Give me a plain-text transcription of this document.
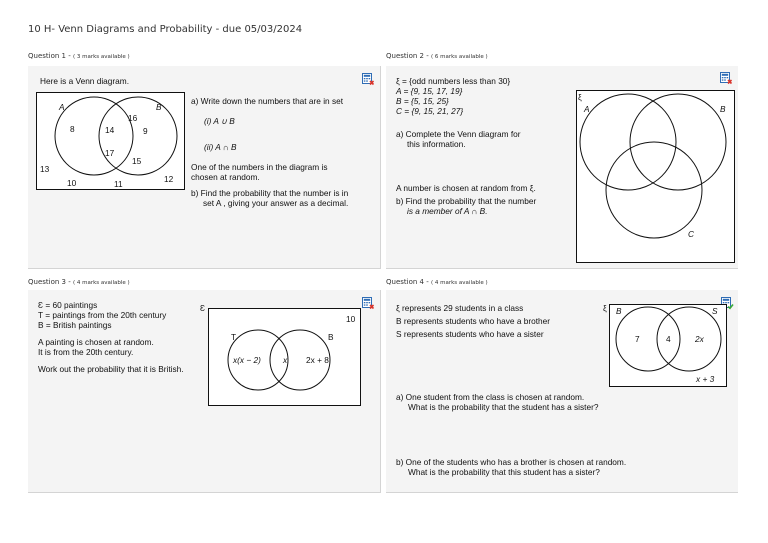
10 H- Venn Diagrams and Probability - due 05/03/2024
Question 1 - ( 3 marks available )
Here is a Venn diagram.
A	B
8
16
14
17
9
15
13
10	11	12
a) Write down the numbers that are in set
(i) A ∪ B
(ii) A ∩ B
One of the numbers in the diagram is
chosen at random.
b) Find the probability that the number is in
set A , giving your answer as a decimal.
Question 2 - ( 6 marks available )
ξ = {odd numbers less than 30}
A = {9, 15, 17, 19}
B = {5, 15, 25}
C = {9, 15, 21, 27}
a) Complete the Venn diagram for
this information.
A number is chosen at random from ξ.
b) Find the probability that the number
is a member of A ∩ B.
ξ
A	B
C
Question 3 - ( 4 marks available )
Ɛ = 60 paintings
T = paintings from the 20th century
B = British paintings
A painting is chosen at random.
It is from the 20th century.
Work out the probability that it is British.
Ɛ
10
T	B
x(x − 2)	x 2x + 8
Question 4 - ( 4 marks available )
ξ represents 29 students in a class
B represents students who have a brother
S represents students who have a sister
a) One student from the class is chosen at random.
What is the probability that the student has a sister?
b) One of the students who has a brother is chosen at random.
What is the probability that this student has a sister?
ξ B	S
7	4	2x
x + 3
